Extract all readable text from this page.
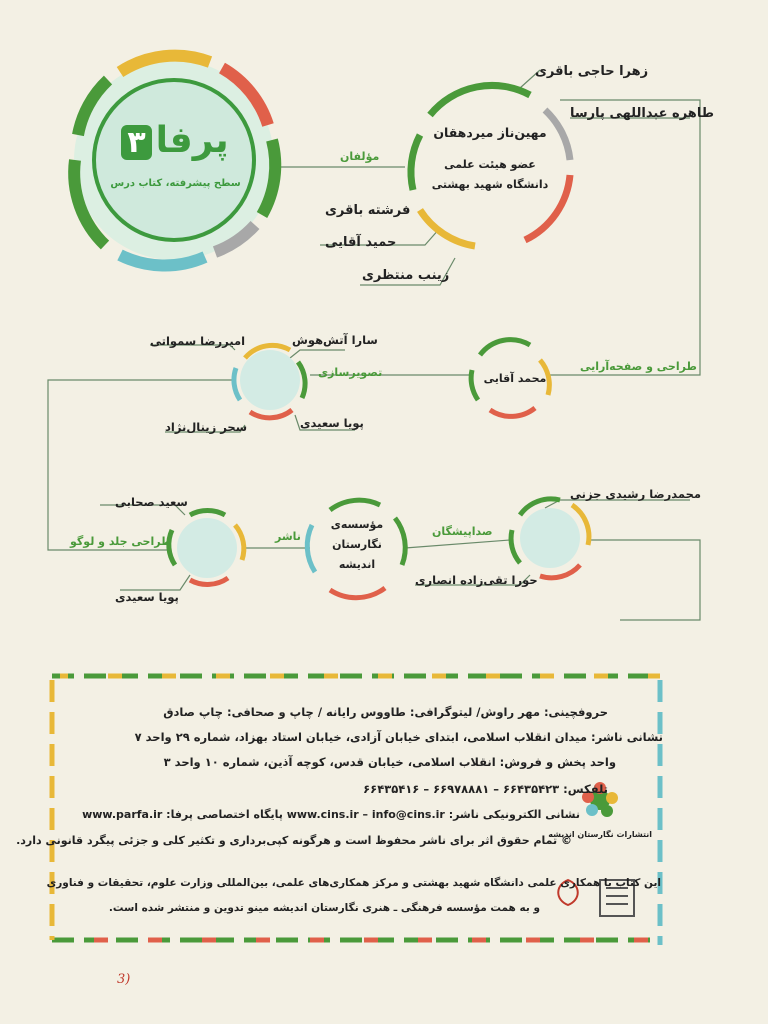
پرفا۳
سطح پیشرفته، کتاب درس
مؤلفان
مهین‌ناز میردهقان
عضو هیئت علمی
دانشگاه شهید بهشتی
زهرا حاجی باقری
طاهره عبداللهی پارسا
فرشته باقری
حمید آقایی
زینب منتظری
طراحی و صفحه‌آرایی
محمد آقایی
تصویرسازی
سارا آتش‌هوش
امیررضا سمواتی
پویا سعیدی
سحر زینال‌نژاد
صداپیشگان
محمدرضا رشیدی جزنی
حورا تقی‌زاده انصاری
ناشر
مؤسسه‌ی
نگارستان
اندیشه
طراحی جلد و لوگو
سعید صحابی
پویا سعیدی
حروفچینی: مهر راوش/ لیتوگرافی: طاووس رایانه / چاپ و صحافی: چاپ صادق
نشانی ناشر: میدان انقلاب اسلامی، ابتدای خیابان آزادی، خیابان استاد بهزاد، شماره ۲۹ واحد ۷
واحد پخش و فروش: انقلاب اسلامی، خیابان قدس، کوچه آذین، شماره ۱۰ واحد ۳
تلفکس: ۶۶۴۳۵۴۲۳ – ۶۶۹۷۸۸۸۱ – ۶۶۴۳۵۴۱۶
نشانی الکترونیکی ناشر: www.cins.ir – info@cins.ir پایگاه اختصاصی پرفا: www.parfa.ir
© تمام حقوق اثر برای ناشر محفوظ است و هرگونه کپی‌برداری و تکثیر کلی و جزئی پیگرد قانونی دارد.
این کتاب با همکاری علمی دانشگاه شهید بهشتی و مرکز همکاری‌های علمی، بین‌المللی وزارت علوم، تحقیقات و فناوری
و به همت مؤسسه فرهنگی ـ هنری نگارستان اندیشه مینو تدوین و منتشر شده است.
انتشارات نگارستان اندیشه
3)
